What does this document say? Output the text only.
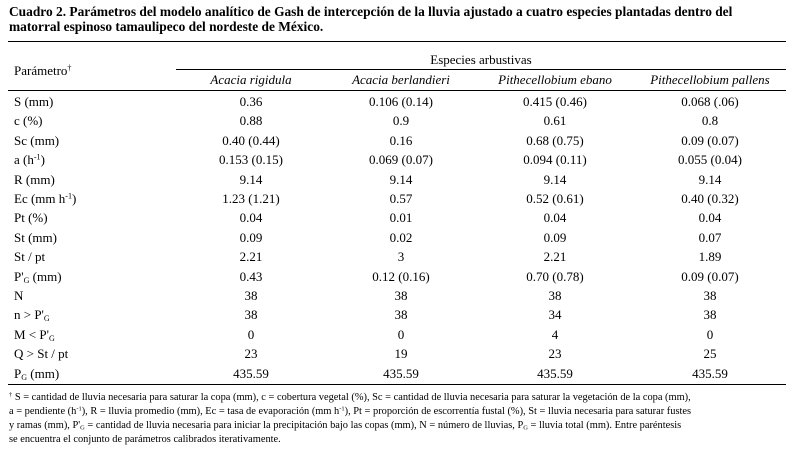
Cuadro 2. Parámetros del modelo analítico de Gash de intercepción de la lluvia ajustado a cuatro especies plantadas dentro del
matorral espinoso tamaulipeco del nordeste de México.
Parámetro†
Especies arbustivas
Acacia rigidula	Acacia berlandieri	Pithecellobium ebano	Pithecellobium pallens
S (mm)	0.36	0.106 (0.14)	0.415 (0.46)	0.068 (.06)
c (%)	0.88	0.9	0.61	0.8
Sc (mm)	0.40 (0.44)	0.16	0.68 (0.75)	0.09 (0.07)
a $(h^{-1})$	0.153 (0.15)	0.069 (0.07)	0.094 (0.11)	0.055 (0.04)
R (mm)	9.14	9.14	9.14	9.14
Ec (mm $h^{-1}$)	1.23 (1.21)	0.57	0.52 (0.61)	0.40 (0.32)
Pt (%)	0.04	0.01	0.04	0.04
St (mm)	0.09	0.02	0.09	0.07
St / pt	2.21	3	2.21	1.89
$P'_G$ (mm)	0.43	0.12 (0.16)	0.70 (0.78)	0.09 (0.07)
N	38	38	38	38
$n > P'_G$	38	38	34	38
$M < P'_G$	0	0	4	0
Q > St / pt	23	19	23	25
$P_G$ (mm)	435.59	435.59	435.59	435.59

† S = cantidad de lluvia necesaria para saturar la copa (mm), c = cobertura vegetal (%), Sc = cantidad de lluvia necesaria para saturar la vegetación de la copa (mm),

a = pendiente $(h^{-1})$, R = lluvia promedio (mm), Ec = tasa de evaporación (mm $h^{-1}$), Pt = proporción de escorrentía fustal (%), St = lluvia necesaria para saturar fustes

y ramas (mm), $P'_G$ = cantidad de lluvia necesaria para iniciar la precipitación bajo las copas (mm), N = número de lluvias, $P_G$ = lluvia total (mm). Entre paréntesis

se encuentra el conjunto de parámetros calibrados iterativamente.
